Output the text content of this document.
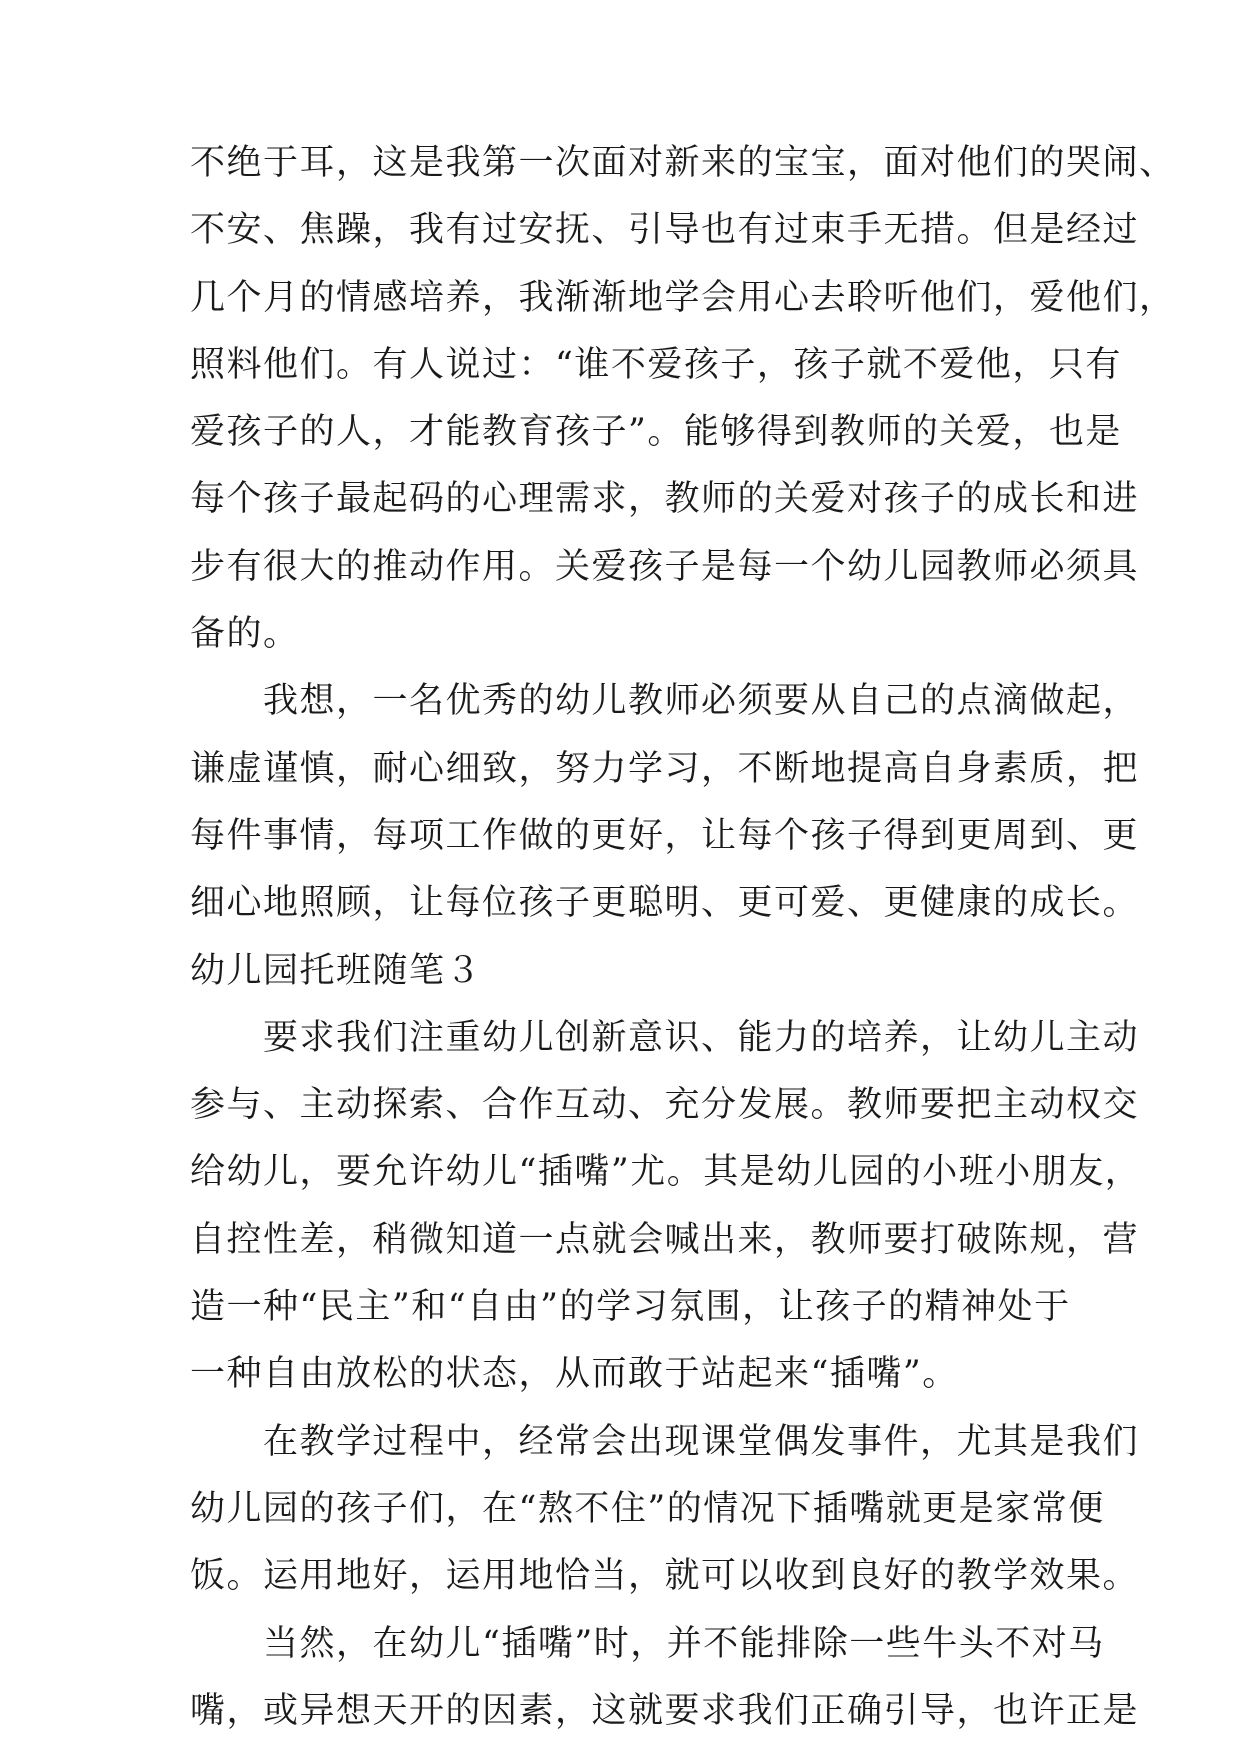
不绝于耳，这是我第一次面对新来的宝宝，面对他们的哭闹、
不安、焦躁，我有过安抚、引导也有过束手无措。但是经过
几个月的情感培养，我渐渐地学会用心去聆听他们，爱他们，
照料他们。有人说过：“谁不爱孩子，孩子就不爱他，只有
爱孩子的人，才能教育孩子”。能够得到教师的关爱，也是
每个孩子最起码的心理需求，教师的关爱对孩子的成长和进
步有很大的推动作用。关爱孩子是每一个幼儿园教师必须具
备的。
　　我想，一名优秀的幼儿教师必须要从自己的点滴做起，
谦虚谨慎，耐心细致，努力学习，不断地提高自身素质，把
每件事情，每项工作做的更好，让每个孩子得到更周到、更
细心地照顾，让每位孩子更聪明、更可爱、更健康的成长。
幼儿园托班随笔３
　　要求我们注重幼儿创新意识、能力的培养，让幼儿主动
参与、主动探索、合作互动、充分发展。教师要把主动权交
给幼儿，要允许幼儿“插嘴”尤。其是幼儿园的小班小朋友，
自控性差，稍微知道一点就会喊出来，教师要打破陈规，营
造一种“民主”和“自由”的学习氛围，让孩子的精神处于
一种自由放松的状态，从而敢于站起来“插嘴”。
　　在教学过程中，经常会出现课堂偶发事件，尤其是我们
幼儿园的孩子们，在“熬不住”的情况下插嘴就更是家常便
饭。运用地好，运用地恰当，就可以收到良好的教学效果。
　　当然，在幼儿“插嘴”时，并不能排除一些牛头不对马
嘴，或异想天开的因素，这就要求我们正确引导，也许正是
